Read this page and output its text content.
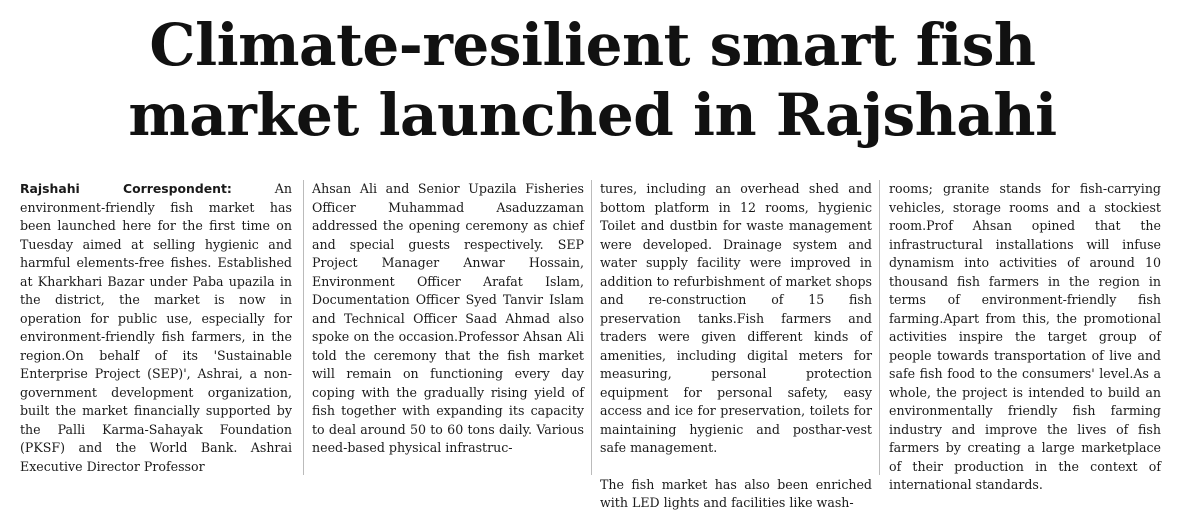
Climate-resilient smart fish
market launched in Rajshahi

Rajshahi Correspondent: An environment-friendly fish market has been launched here for the first time on Tuesday aimed at selling hygienic and harmful elements-free fishes. Established at Kharkhari Bazar under Paba upazila in the district, the market is now in operation for public use, especially for environment-friendly fish farmers, in the region.On behalf of its 'Sustainable Enterprise Project (SEP)', Ashrai, a non- government development organization, built the market financially supported by the Palli Karma-Sahayak Foundation (PKSF) and the World Bank. Ashrai Executive Director Professor

Ahsan Ali and Senior Upazila Fisheries Officer Muhammad Asaduzzaman addressed the opening ceremony as chief and special guests respectively. SEP Project Manager Anwar Hossain, Environment Officer Arafat Islam, Documentation Officer Syed Tanvir Islam and Technical Officer Saad Ahmad also spoke on the occasion.Professor Ahsan Ali told the ceremony that the fish market will remain on functioning every day coping with the gradually rising yield of fish together with expanding its capacity to deal around 50 to 60 tons daily. Various need-based physical infrastruc-

tures, including an overhead shed and bottom platform in 12 rooms, hygienic Toilet and dustbin for waste management were developed. Drainage system and water supply facility were improved in addition to refurbishment of market shops and re-construction of 15 fish preservation tanks.Fish farmers and traders were given different kinds of amenities, including digital meters for measuring, personal protection equipment for personal safety, easy access and ice for preservation, toilets for maintaining hygienic and posthar-vest safe management.

The fish market has also been enriched with LED lights and facilities like wash-

rooms; granite stands for fish-carrying vehicles, storage rooms and a stockiest room.Prof Ahsan opined that the infrastructural installations will infuse dynamism into activities of around 10 thousand fish farmers in the region in terms of environment-friendly fish farming.Apart from this, the promotional activities inspire the target group of people towards transportation of live and safe fish food to the consumers' level.As a whole, the project is intended to build an environmentally friendly fish farming industry and improve the lives of fish farmers by creating a large marketplace of their production in the context of international standards.
